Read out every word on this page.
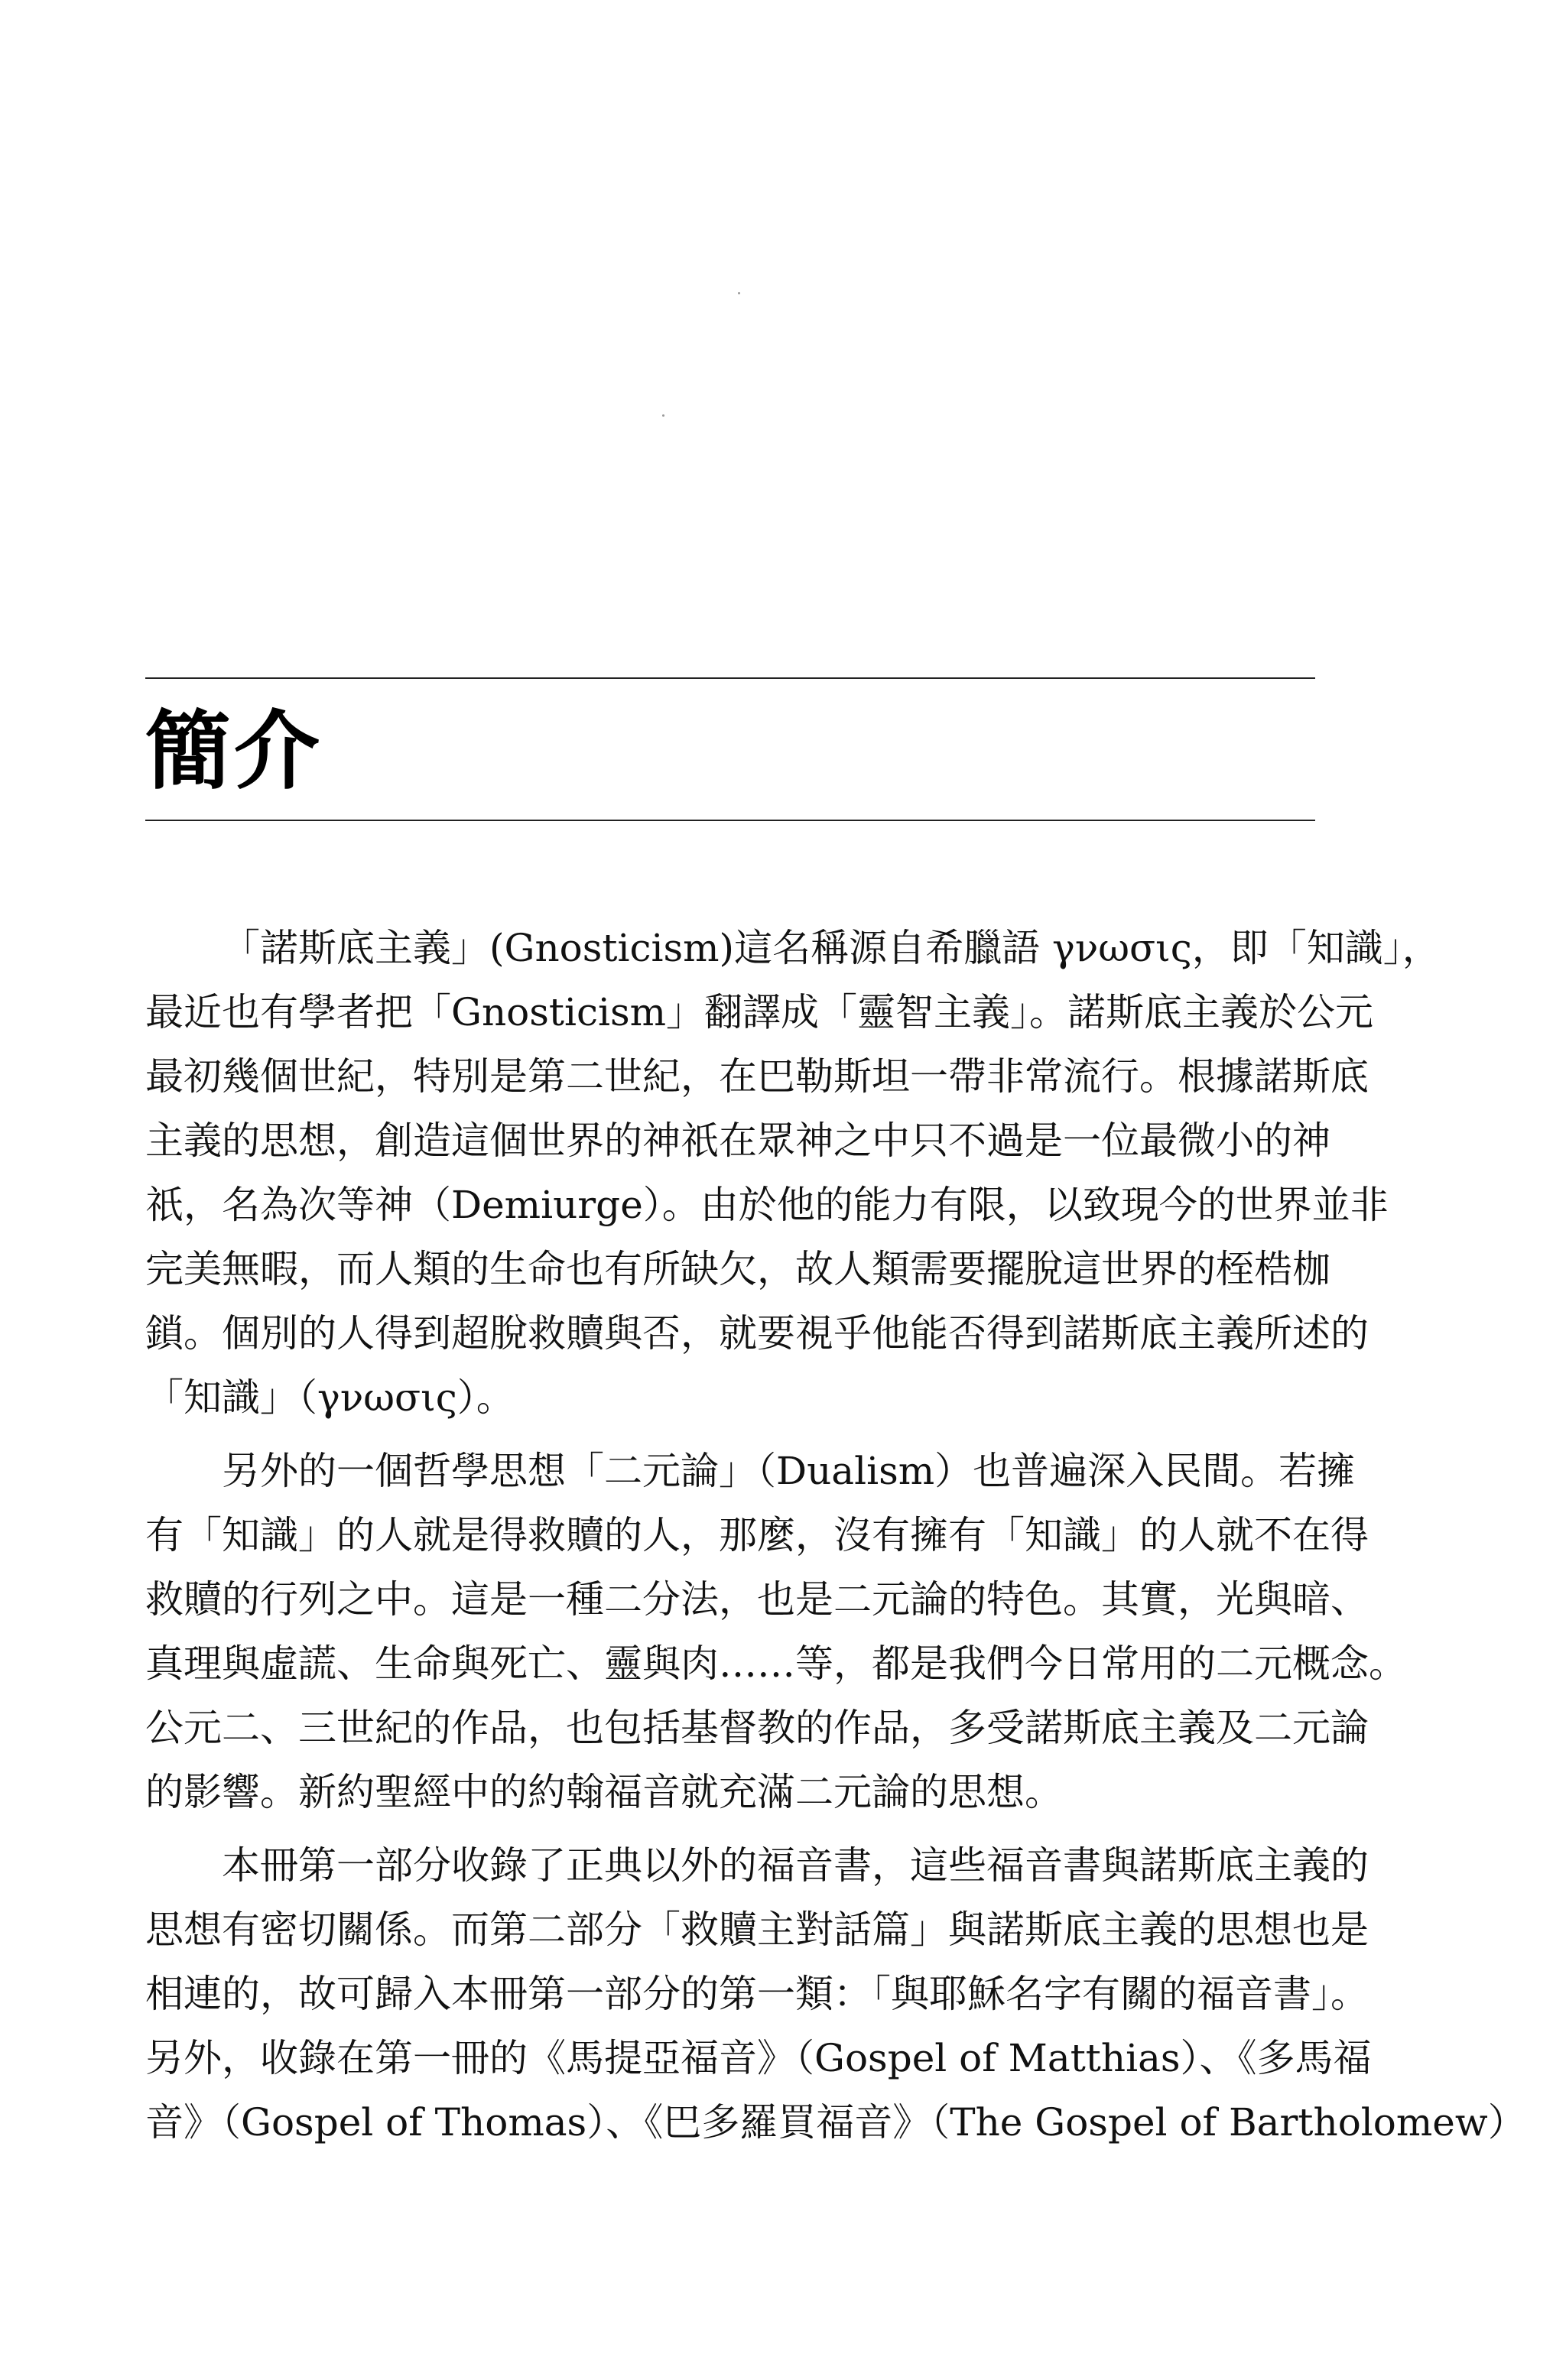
簡介
「諾斯底主義」(Gnosticism)這名稱源自希臘語 γνωσις，即「知識」，
最近也有學者把「Gnosticism」翻譯成「靈智主義」。諾斯底主義於公元
最初幾個世紀，特別是第二世紀，在巴勒斯坦一帶非常流行。根據諾斯底
主義的思想，創造這個世界的神祇在眾神之中只不過是一位最微小的神
祇，名為次等神（Demiurge）。由於他的能力有限，以致現今的世界並非
完美無暇，而人類的生命也有所缺欠，故人類需要擺脫這世界的桎梏枷
鎖。個別的人得到超脫救贖與否，就要視乎他能否得到諾斯底主義所述的
「知識」（γνωσις）。
另外的一個哲學思想「二元論」（Dualism）也普遍深入民間。若擁
有「知識」的人就是得救贖的人，那麼，沒有擁有「知識」的人就不在得
救贖的行列之中。這是一種二分法，也是二元論的特色。其實，光與暗、
真理與虛謊、生命與死亡、靈與肉……等，都是我們今日常用的二元概念。
公元二、三世紀的作品，也包括基督教的作品，多受諾斯底主義及二元論
的影響。新約聖經中的約翰福音就充滿二元論的思想。
本冊第一部分收錄了正典以外的福音書，這些福音書與諾斯底主義的
思想有密切關係。而第二部分「救贖主對話篇」與諾斯底主義的思想也是
相連的，故可歸入本冊第一部分的第一類：「與耶穌名字有關的福音書」。
另外，收錄在第一冊的《馬提亞福音》（Gospel of Matthias）、《多馬福
音》（Gospel of Thomas）、《巴多羅買福音》（The Gospel of Bartholomew）
